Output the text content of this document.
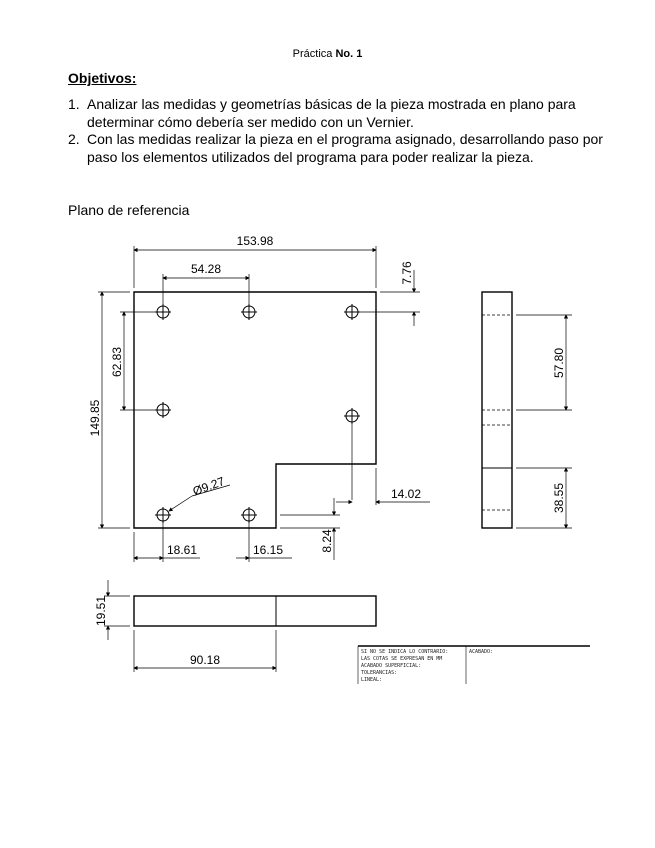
Práctica No. 1
Objetivos:
1. Analizar las medidas y geometrías básicas de la pieza mostrada en plano para determinar cómo debería ser medido con un Vernier.
2. Con las medidas realizar la pieza en el programa asignado, desarrollando paso por paso los elementos utilizados del programa para poder realizar la pieza.
Plano de referencia
153.98
54.28	7.76
149.85
62.83
Ø9.27	14.02
8.24
18.61	16.15
57.80
38.55
19.51
90.18
SI NO SE INDICA LO CONTRARIO:
LAS COTAS SE EXPRESAN EN MM
ACABADO SUPERFICIAL:
TOLERANCIAS:
LINEAL:
ACABADO:
